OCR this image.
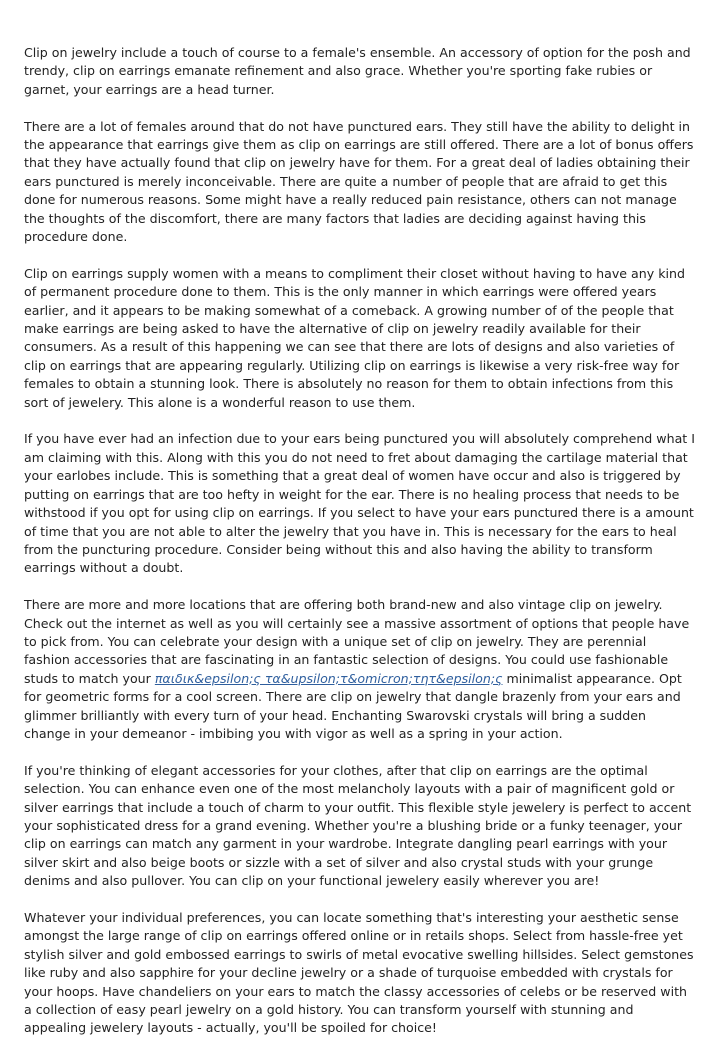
Clip on jewelry include a touch of course to a female's ensemble. An accessory of option for the posh and trendy, clip on earrings emanate refinement and also grace. Whether you're sporting fake rubies or garnet, your earrings are a head turner.

There are a lot of females around that do not have punctured ears. They still have the ability to delight in the appearance that earrings give them as clip on earrings are still offered. There are a lot of bonus offers that they have actually found that clip on jewelry have for them. For a great deal of ladies obtaining their ears punctured is merely inconceivable. There are quite a number of people that are afraid to get this done for numerous reasons. Some might have a really reduced pain resistance, others can not manage the thoughts of the discomfort, there are many factors that ladies are deciding against having this procedure done.

Clip on earrings supply women with a means to compliment their closet without having to have any kind of permanent procedure done to them. This is the only manner in which earrings were offered years earlier, and it appears to be making somewhat of a comeback. A growing number of of the people that make earrings are being asked to have the alternative of clip on jewelry readily available for their consumers. As a result of this happening we can see that there are lots of designs and also varieties of clip on earrings that are appearing regularly. Utilizing clip on earrings is likewise a very risk-free way for females to obtain a stunning look. There is absolutely no reason for them to obtain infections from this sort of jewelery. This alone is a wonderful reason to use them.

If you have ever had an infection due to your ears being punctured you will absolutely comprehend what I am claiming with this. Along with this you do not need to fret about damaging the cartilage material that your earlobes include. This is something that a great deal of women have occur and also is triggered by putting on earrings that are too hefty in weight for the ear. There is no healing process that needs to be withstood if you opt for using clip on earrings. If you select to have your ears punctured there is a amount of time that you are not able to alter the jewelry that you have in. This is necessary for the ears to heal from the puncturing procedure. Consider being without this and also having the ability to transform earrings without a doubt.

There are more and more locations that are offering both brand-new and also vintage clip on jewelry. Check out the internet as well as you will certainly see a massive assortment of options that people have to pick from. You can celebrate your design with a unique set of clip on jewelry. They are perennial fashion accessories that are fascinating in an fantastic selection of designs. You could use fashionable studs to match your παιδικ&epsilon;ς τα&upsilon;τ&omicron;τητ&epsilon;ς minimalist appearance. Opt for geometric forms for a cool screen. There are clip on jewelry that dangle brazenly from your ears and glimmer brilliantly with every turn of your head. Enchanting Swarovski crystals will bring a sudden change in your demeanor - imbibing you with vigor as well as a spring in your action.

If you're thinking of elegant accessories for your clothes, after that clip on earrings are the optimal selection. You can enhance even one of the most melancholy layouts with a pair of magnificent gold or silver earrings that include a touch of charm to your outfit. This flexible style jewelery is perfect to accent your sophisticated dress for a grand evening. Whether you're a blushing bride or a funky teenager, your clip on earrings can match any garment in your wardrobe. Integrate dangling pearl earrings with your silver skirt and also beige boots or sizzle with a set of silver and also crystal studs with your grunge denims and also pullover. You can clip on your functional jewelery easily wherever you are!

Whatever your individual preferences, you can locate something that's interesting your aesthetic sense amongst the large range of clip on earrings offered online or in retails shops. Select from hassle-free yet stylish silver and gold embossed earrings to swirls of metal evocative swelling hillsides. Select gemstones like ruby and also sapphire for your decline jewelry or a shade of turquoise embedded with crystals for your hoops. Have chandeliers on your ears to match the classy accessories of celebs or be reserved with a collection of easy pearl jewelry on a gold history. You can transform yourself with stunning and appealing jewelery layouts - actually, you'll be spoiled for choice!
